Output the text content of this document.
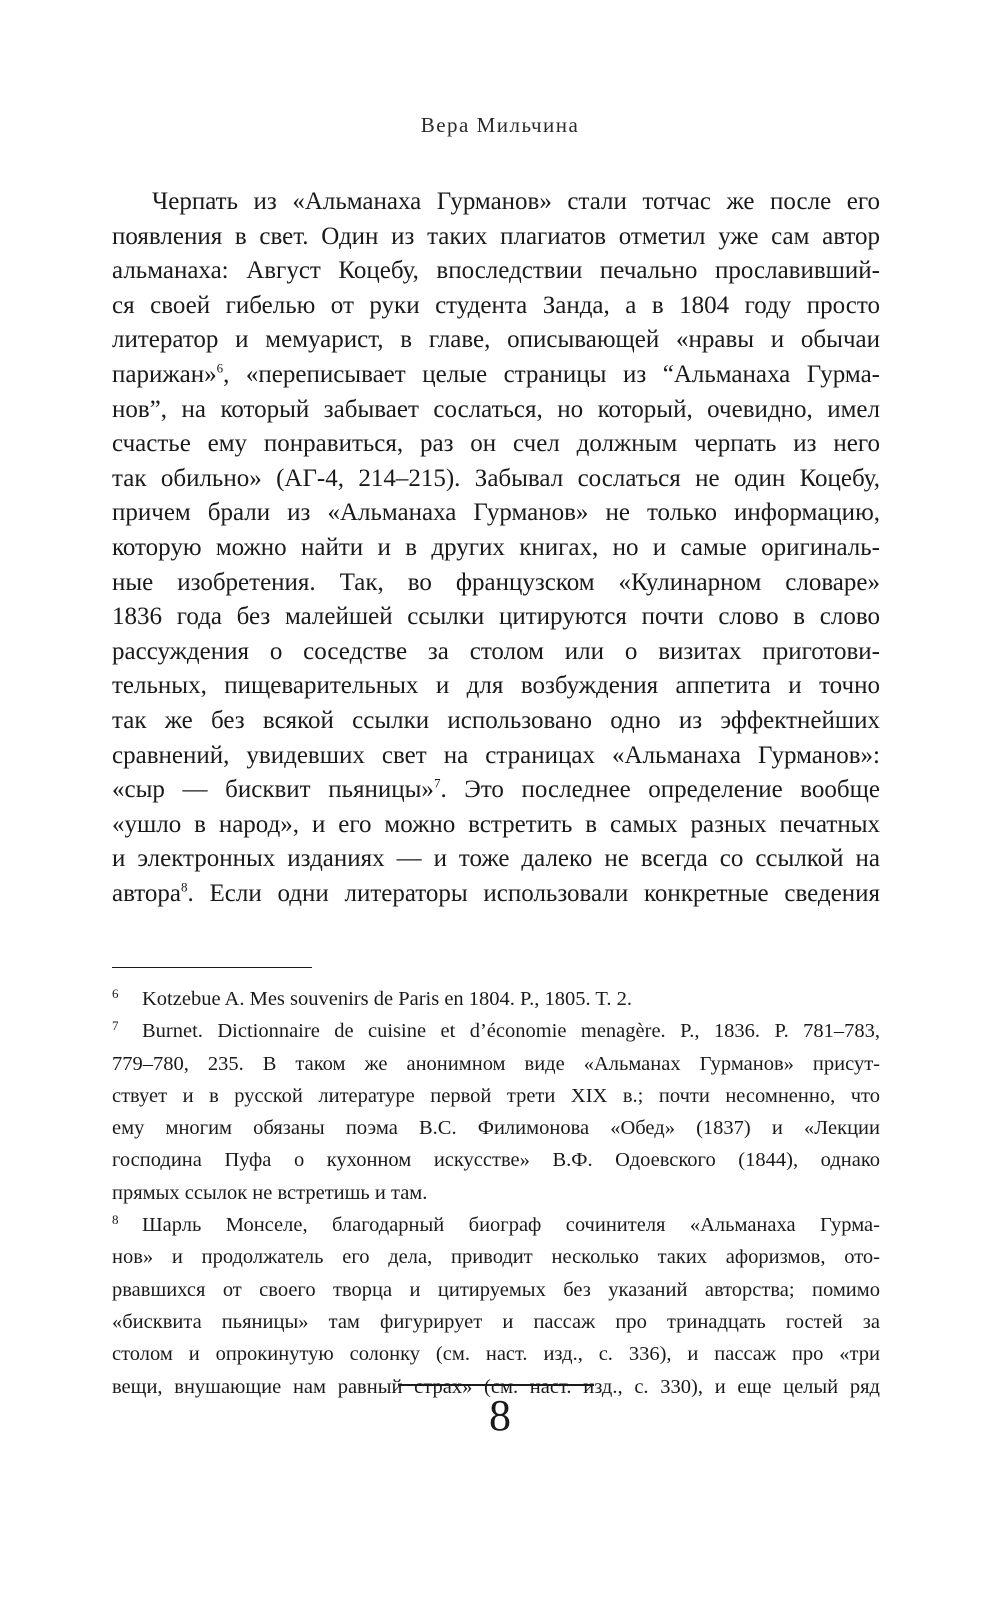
Вера Мильчина
Черпать из «Альманаха Гурманов» стали тотчас же после его
появления в свет. Один из таких плагиатов отметил уже сам автор
альманаха: Август Коцебу, впоследствии печально прославивший-
ся своей гибелью от руки студента Занда, а в 1804 году просто
литератор и мемуарист, в главе, описывающей «нравы и обычаи
парижан»$^6$, «переписывает целые страницы из “Альманаха Гурма-
нов”, на который забывает сослаться, но который, очевидно, имел
счастье ему понравиться, раз он счел должным черпать из него
так обильно» (АГ-4, 214–215). Забывал сослаться не один Коцебу,
причем брали из «Альманаха Гурманов» не только информацию,
которую можно найти и в других книгах, но и самые оригиналь-
ные изобретения. Так, во французском «Кулинарном словаре»
1836 года без малейшей ссылки цитируются почти слово в слово
рассуждения о соседстве за столом или о визитах приготови-
тельных, пищеварительных и для возбуждения аппетита и точно
так же без всякой ссылки использовано одно из эффектнейших
сравнений, увидевших свет на страницах «Альманаха Гурманов»:
«сыр — бисквит пьяницы»$^7$. Это последнее определение вообще
«ушло в народ», и его можно встретить в самых разных печатных
и электронных изданиях — и тоже далеко не всегда со ссылкой на
автора$^8$. Если одни литераторы использовали конкретные сведения
6	Kotzebue A. Mes souvenirs de Paris en 1804. P., 1805. T. 2.
7	Burnet. Dictionnaire de cuisine et d’économie menagère. P., 1836. P. 781–783,
779–780, 235. В таком же анонимном виде «Альманах Гурманов» присут-
ствует и в русской литературе первой трети XIX в.; почти несомненно, что
ему многим обязаны поэма В.С. Филимонова «Обед» (1837) и «Лекции
господина Пуфа о кухонном искусстве» В.Ф. Одоевского (1844), однако
прямых ссылок не встретишь и там.
8	Шарль Монселе, благодарный биограф сочинителя «Альманаха Гурма-
нов» и продолжатель его дела, приводит несколько таких афоризмов, ото-
рвавшихся от своего творца и цитируемых без указаний авторства; помимо
«бисквита пьяницы» там фигурирует и пассаж про тринадцать гостей за
столом и опрокинутую солонку (см. наст. изд., с. 336), и пассаж про «три
вещи, внушающие нам равный страх» (см. наст. изд., с. 330), и еще целый ряд
8
